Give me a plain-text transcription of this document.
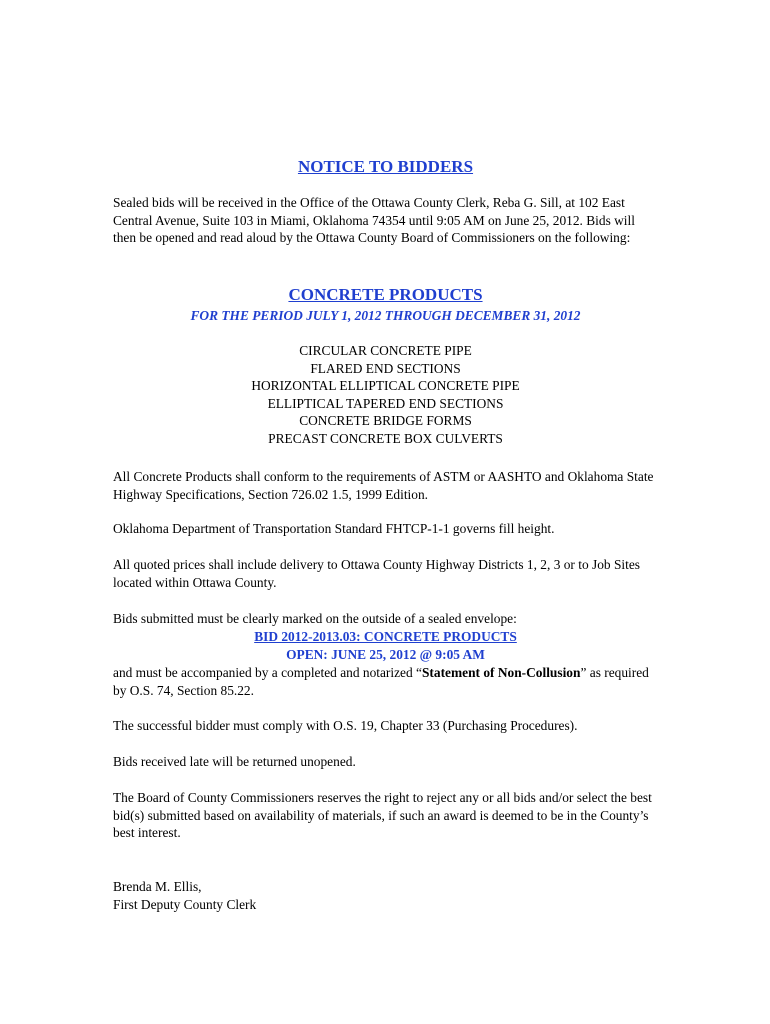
NOTICE TO BIDDERS
Sealed bids will be received in the Office of the Ottawa County Clerk, Reba G. Sill, at 102 East Central Avenue, Suite 103 in Miami, Oklahoma 74354 until 9:05 AM on June 25, 2012. Bids will then be opened and read aloud by the Ottawa County Board of Commissioners on the following:
CONCRETE PRODUCTS
FOR THE PERIOD JULY 1, 2012 THROUGH DECEMBER 31, 2012
CIRCULAR CONCRETE PIPE
FLARED END SECTIONS
HORIZONTAL ELLIPTICAL CONCRETE PIPE
ELLIPTICAL TAPERED END SECTIONS
CONCRETE BRIDGE FORMS
PRECAST CONCRETE BOX CULVERTS
All Concrete Products shall conform to the requirements of ASTM or AASHTO and Oklahoma State Highway Specifications, Section 726.02 1.5, 1999 Edition.
Oklahoma Department of Transportation Standard FHTCP-1-1 governs fill height.
All quoted prices shall include delivery to Ottawa County Highway Districts 1, 2, 3 or to Job Sites located within Ottawa County.
Bids submitted must be clearly marked on the outside of a sealed envelope:
BID 2012-2013.03: CONCRETE PRODUCTS
OPEN: JUNE 25, 2012 @ 9:05 AM
and must be accompanied by a completed and notarized “Statement of Non-Collusion” as required by O.S. 74, Section 85.22.
The successful bidder must comply with O.S. 19, Chapter 33 (Purchasing Procedures).
Bids received late will be returned unopened.
The Board of County Commissioners reserves the right to reject any or all bids and/or select the best bid(s) submitted based on availability of materials, if such an award is deemed to be in the County’s best interest.
Brenda M. Ellis,
First Deputy County Clerk
